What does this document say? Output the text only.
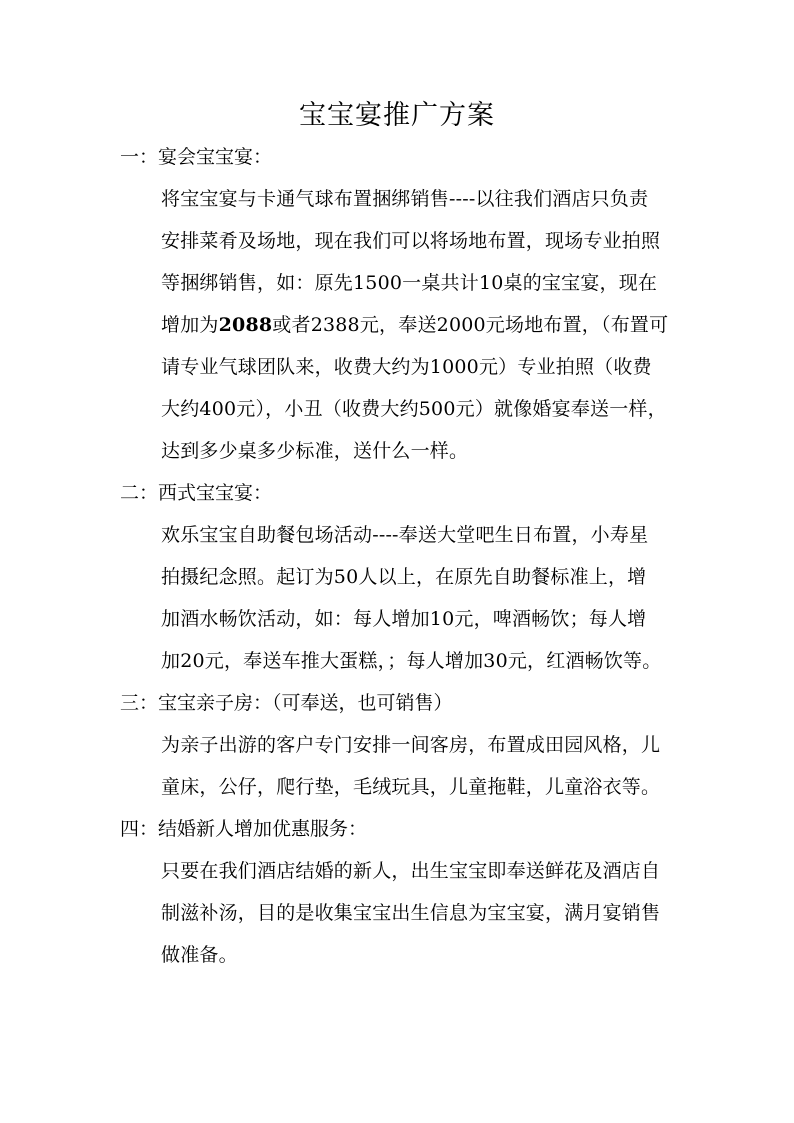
宝宝宴推广方案
一：宴会宝宝宴：
将宝宝宴与卡通气球布置捆绑销售----以往我们酒店只负责
安排菜肴及场地，现在我们可以将场地布置，现场专业拍照
等捆绑销售，如：原先1500一桌共计10桌的宝宝宴，现在
增加为2088或者2388元，奉送2000元场地布置，（布置可
请专业气球团队来，收费大约为1000元）专业拍照（收费
大约400元），小丑（收费大约500元）就像婚宴奉送一样，
达到多少桌多少标准，送什么一样。
二：西式宝宝宴：
欢乐宝宝自助餐包场活动----奉送大堂吧生日布置，小寿星
拍摄纪念照。起订为50人以上，在原先自助餐标准上，增
加酒水畅饮活动，如：每人增加10元，啤酒畅饮；每人增
加20元，奉送车推大蛋糕，；每人增加30元，红酒畅饮等。
三：宝宝亲子房：（可奉送，也可销售）
为亲子出游的客户专门安排一间客房，布置成田园风格，儿
童床，公仔，爬行垫，毛绒玩具，儿童拖鞋，儿童浴衣等。
四：结婚新人增加优惠服务：
只要在我们酒店结婚的新人，出生宝宝即奉送鲜花及酒店自
制滋补汤，目的是收集宝宝出生信息为宝宝宴，满月宴销售
做准备。
